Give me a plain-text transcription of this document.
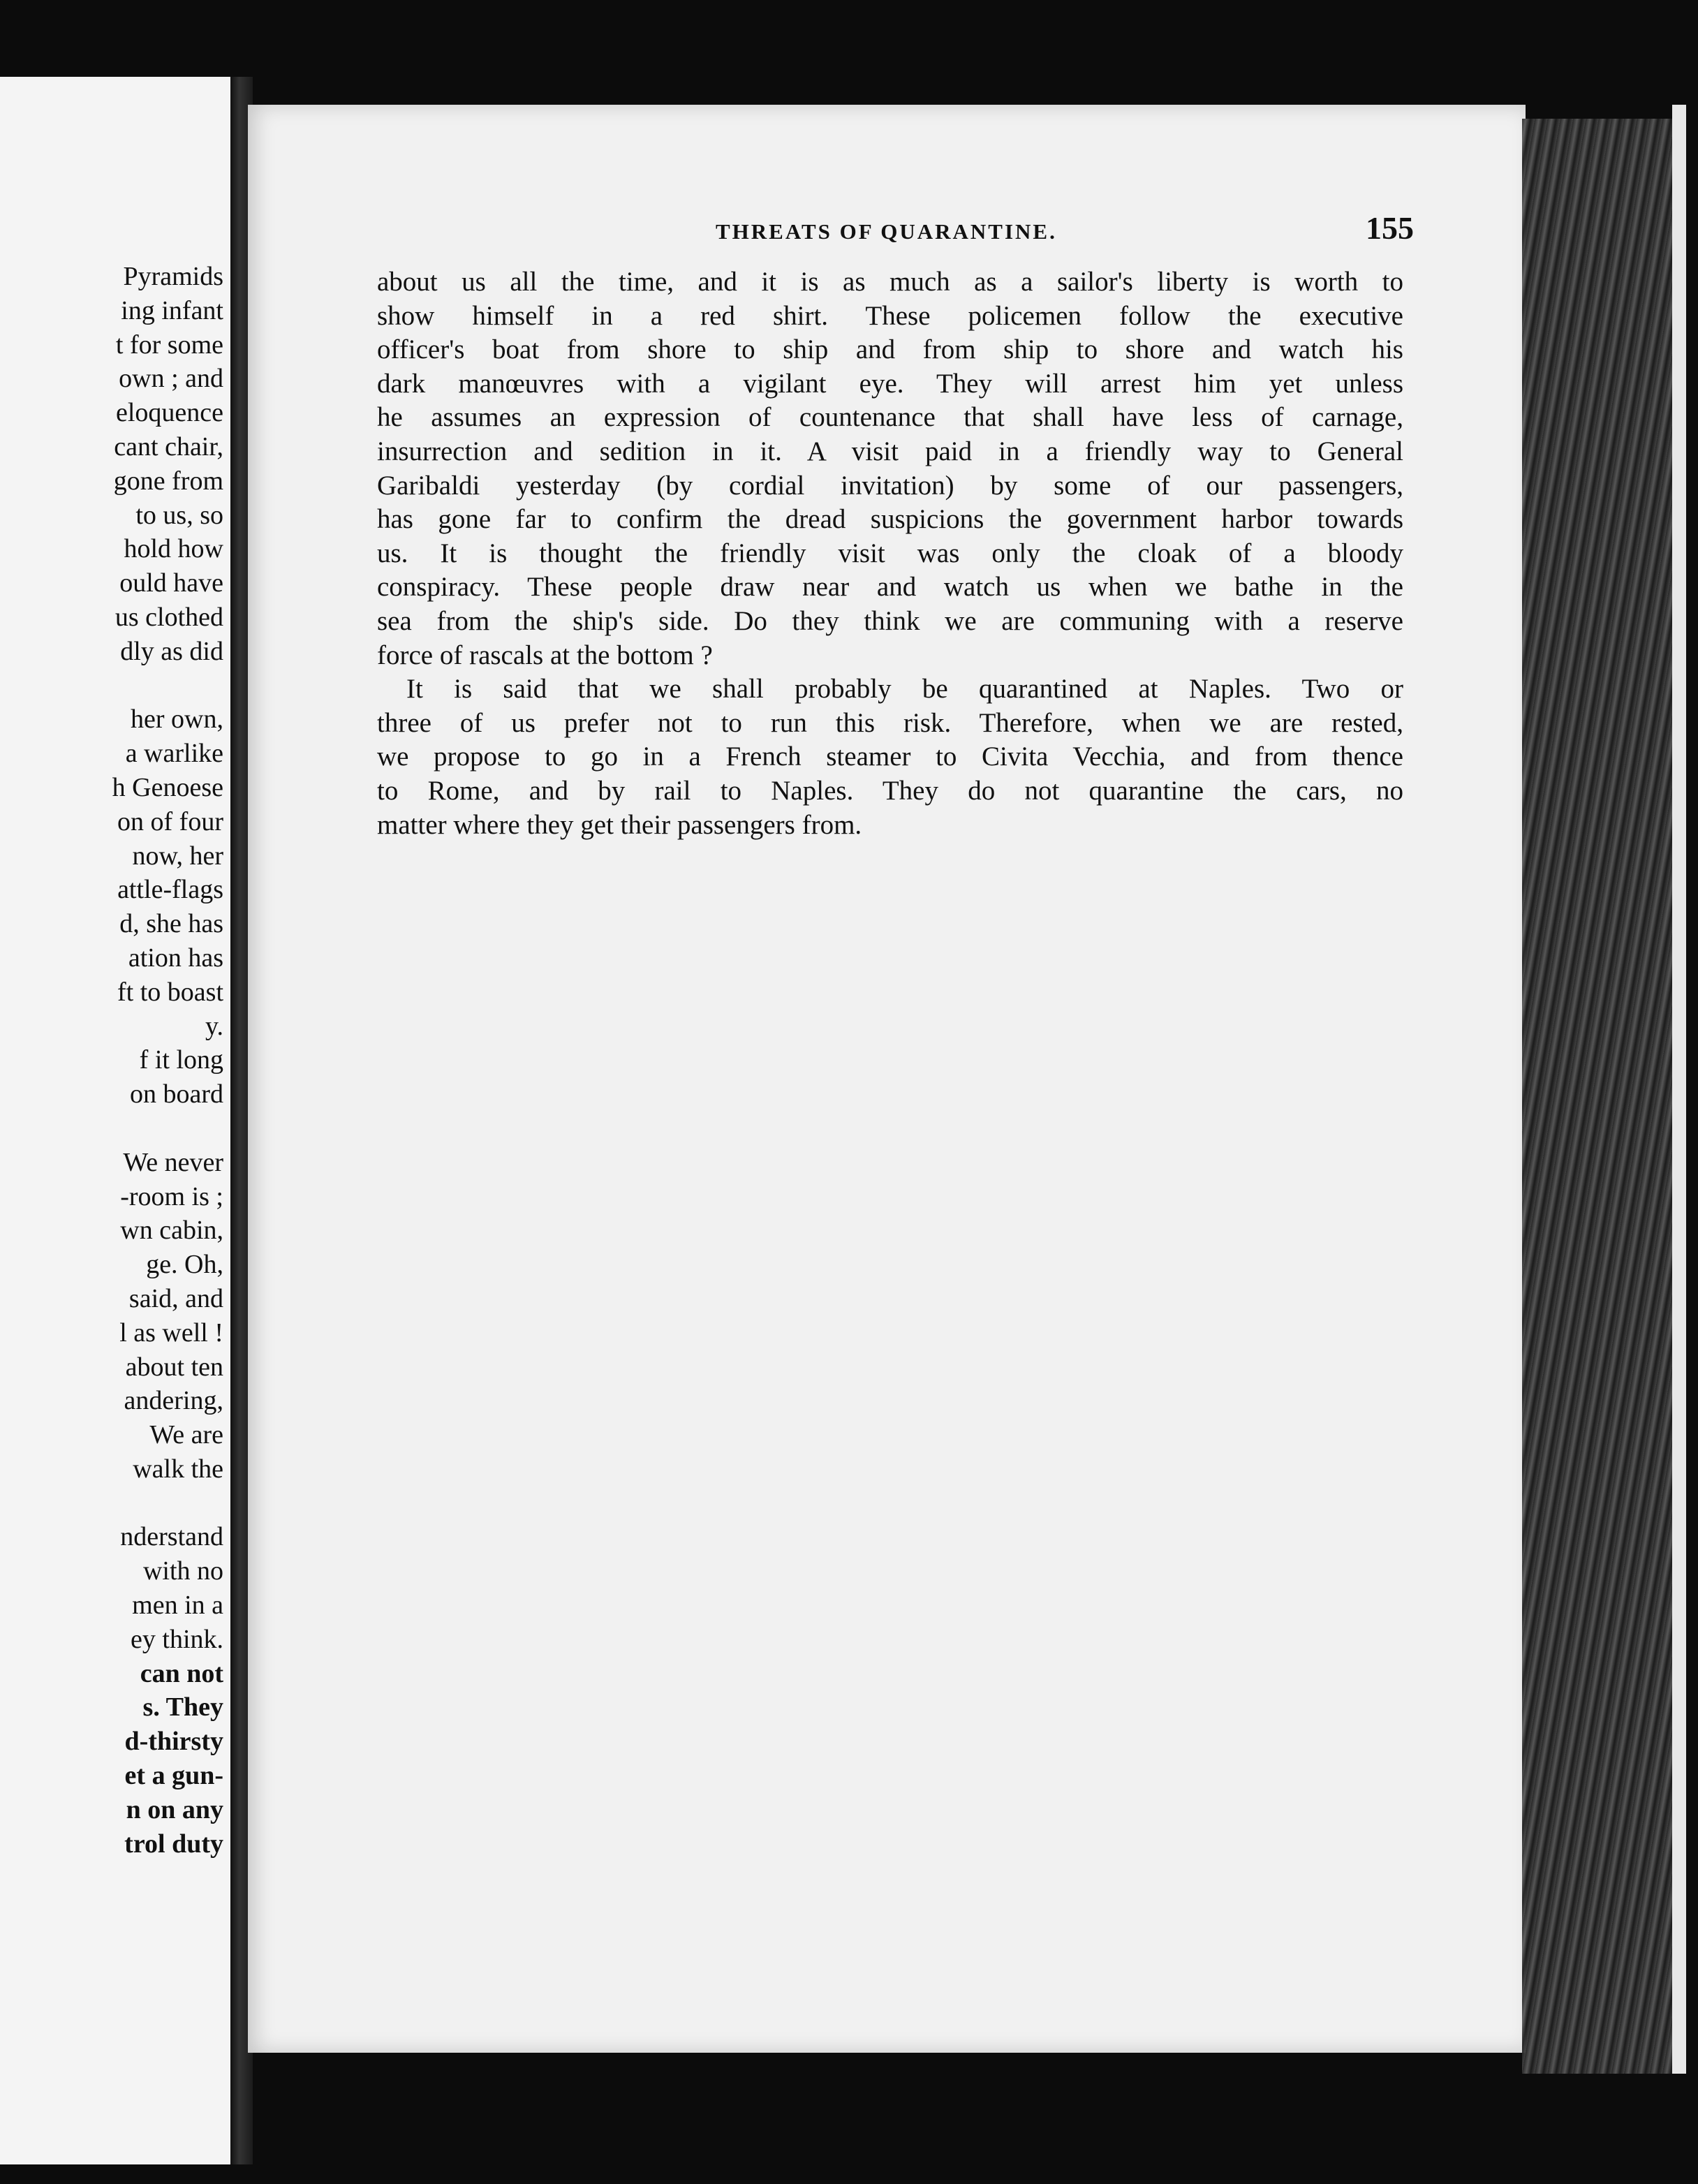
Pyramids
ing infant
t for some
own ; and
eloquence
cant chair,
gone from
to us, so
hold how
ould have
us clothed
dly as did
her own,
a warlike
h Genoese
on of four
now, her
attle-flags
d, she has
ation has
ft to boast
y.
f it long
on board
We never
-room is ;
wn cabin,
ge. Oh,
said, and
l as well !
about ten
andering,
We are
walk the
nderstand
with no
men in a
ey think.
can not
s. They
d-thirsty
et a gun-
n on any
trol duty
THREATS OF QUARANTINE.	155
about us all the time, and it is as much as a sailor's liberty is worth to
show himself in a red shirt. These policemen follow the executive
officer's boat from shore to ship and from ship to shore and watch his
dark manœuvres with a vigilant eye. They will arrest him yet unless
he assumes an expression of countenance that shall have less of carnage,
insurrection and sedition in it. A visit paid in a friendly way to General
Garibaldi yesterday (by cordial invitation) by some of our passengers,
has gone far to confirm the dread suspicions the government harbor towards
us. It is thought the friendly visit was only the cloak of a bloody
conspiracy. These people draw near and watch us when we bathe in the
sea from the ship's side. Do they think we are communing with a reserve
force of rascals at the bottom ?
It is said that we shall probably be quarantined at Naples. Two or
three of us prefer not to run this risk. Therefore, when we are rested,
we propose to go in a French steamer to Civita Vecchia, and from thence
to Rome, and by rail to Naples. They do not quarantine the cars, no
matter where they get their passengers from.
